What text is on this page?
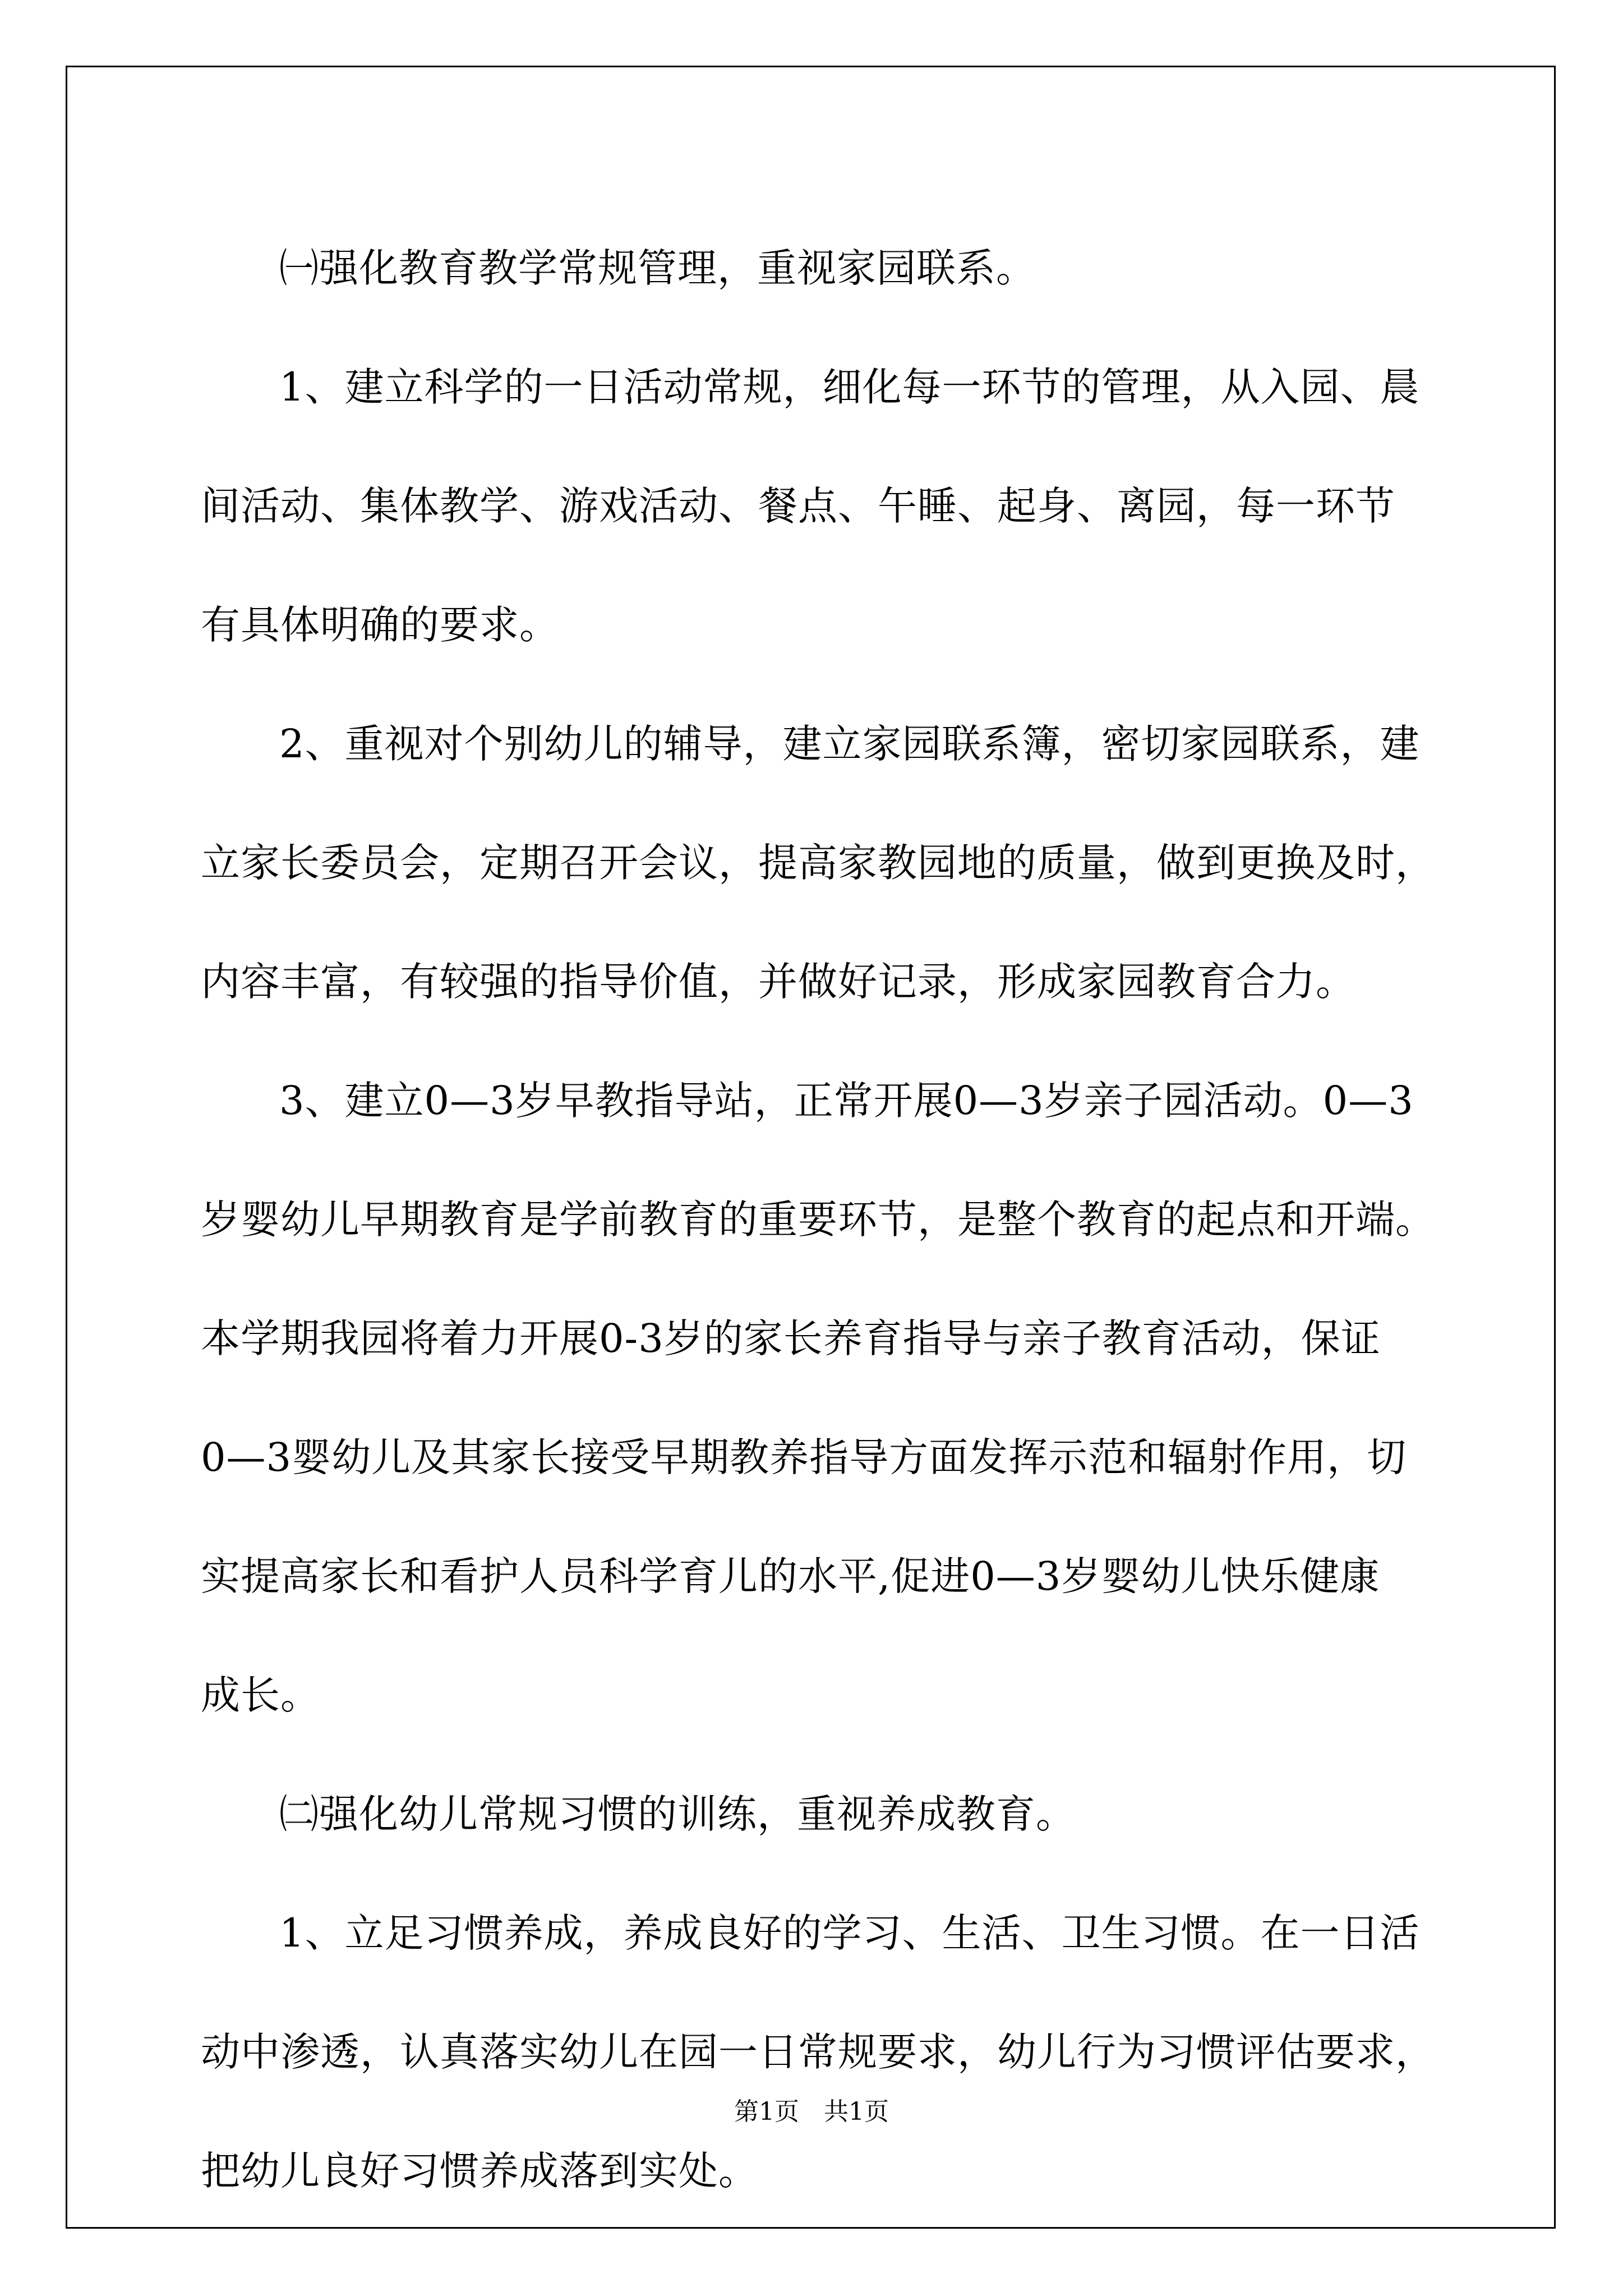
㈠强化教育教学常规管理，重视家园联系。
1、建立科学的一日活动常规，细化每一环节的管理，从入园、晨
间活动、集体教学、游戏活动、餐点、午睡、起身、离园，每一环节
有具体明确的要求。
2、重视对个别幼儿的辅导，建立家园联系簿，密切家园联系，建
立家长委员会，定期召开会议，提高家教园地的质量，做到更换及时，
内容丰富，有较强的指导价值，并做好记录，形成家园教育合力。
3、建立0—3岁早教指导站，正常开展0—3岁亲子园活动。0—3
岁婴幼儿早期教育是学前教育的重要环节，是整个教育的起点和开端。
本学期我园将着力开展0-3岁的家长养育指导与亲子教育活动，保证
0—3婴幼儿及其家长接受早期教养指导方面发挥示范和辐射作用，切
实提高家长和看护人员科学育儿的水平,促进0—3岁婴幼儿快乐健康
成长。
㈡强化幼儿常规习惯的训练，重视养成教育。
1、立足习惯养成，养成良好的学习、生活、卫生习惯。在一日活
动中渗透，认真落实幼儿在园一日常规要求，幼儿行为习惯评估要求，
把幼儿良好习惯养成落到实处。
第1页　共1页
